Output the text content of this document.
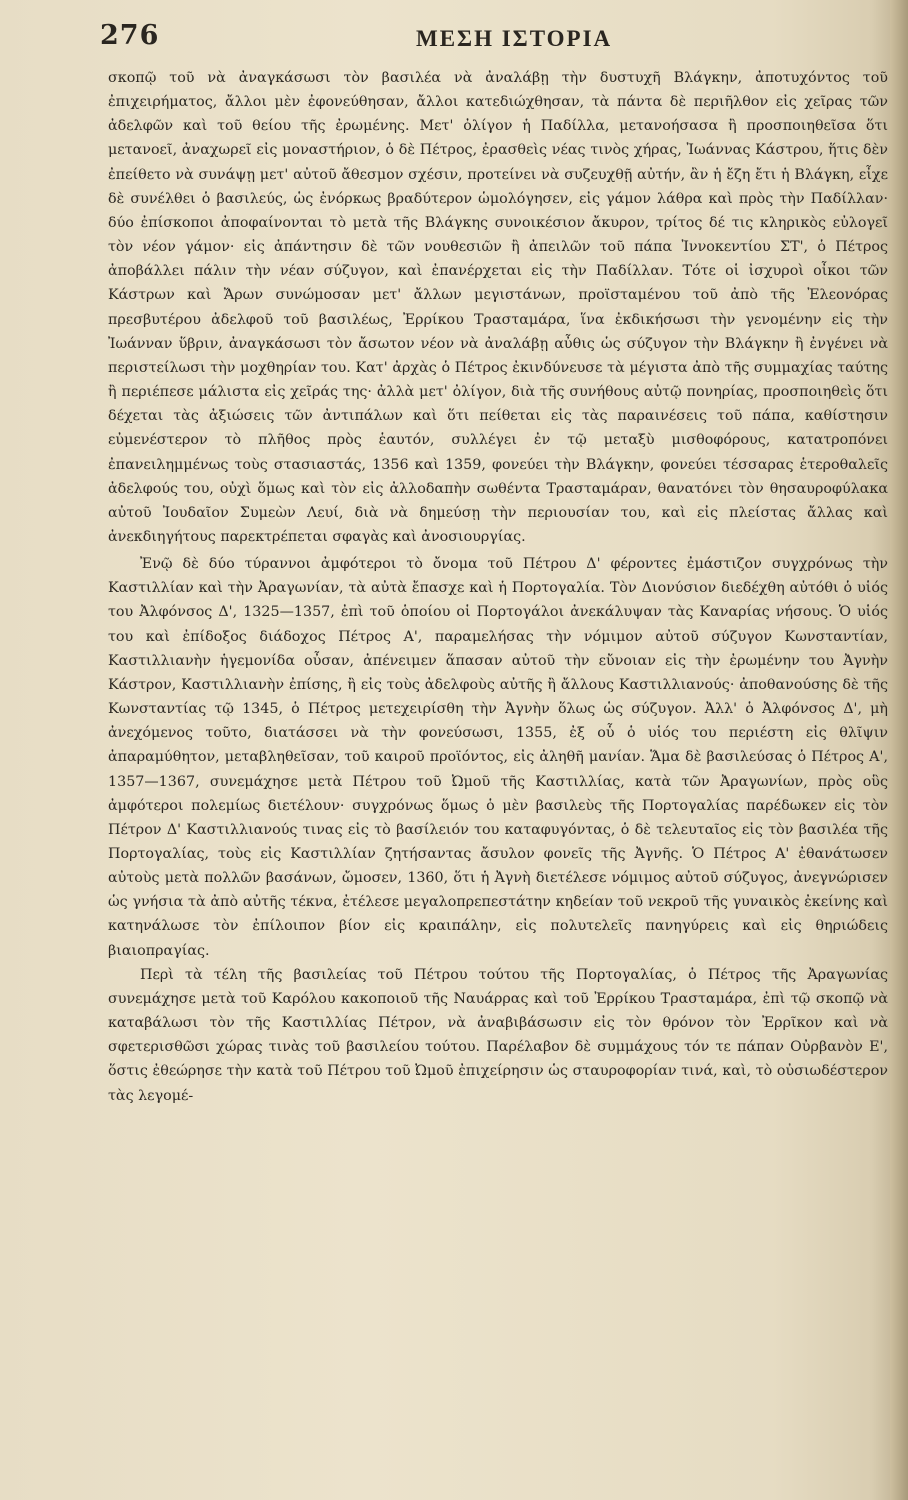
276	ΜΕΣΗ ΙΣΤΟΡΙΑ

σκοπῷ τοῦ νὰ ἀναγκάσωσι τὸν βασιλέα νὰ ἀναλάβῃ τὴν δυστυχῆ Βλάγκην, ἀποτυχόντος τοῦ ἐπιχειρήματος, ἄλλοι μὲν ἐφονεύθησαν, ἄλλοι κατεδιώχθησαν, τὰ πάντα δὲ περιῆλθον εἰς χεῖρας τῶν ἀδελφῶν καὶ τοῦ θείου τῆς ἐρωμένης. Μετ' ὀλίγον ἡ Παδίλλα, μετανοήσασα ἢ προσποιηθεῖσα ὅτι μετανοεῖ, ἀναχωρεῖ εἰς μοναστήριον, ὁ δὲ Πέτρος, ἐρασθεὶς νέας τινὸς χήρας, Ἰωάννας Κάστρου, ἥτις δὲν ἐπείθετο νὰ συνάψῃ μετ' αὐτοῦ ἄθεσμον σχέσιν, προτείνει νὰ συζευχθῇ αὐτήν, ἂν ἡ ἔζη ἔτι ἡ Βλάγκη, εἶχε δὲ συνέλθει ὁ βασιλεύς, ὡς ἐνόρκως βραδύτερον ὡμολόγησεν, εἰς γάμον λάθρα καὶ πρὸς τὴν Παδίλλαν· δύο ἐπίσκοποι ἀποφαίνονται τὸ μετὰ τῆς Βλάγκης συνοικέσιον ἄκυρον, τρίτος δέ τις κληρικὸς εὐλογεῖ τὸν νέον γάμον· εἰς ἀπάντησιν δὲ τῶν νουθεσιῶν ἢ ἀπειλῶν τοῦ πάπα Ἰννοκεντίου ΣΤ', ὁ Πέτρος ἀποβάλλει πάλιν τὴν νέαν σύζυγον, καὶ ἐπανέρχεται εἰς τὴν Παδίλλαν. Τότε οἱ ἰσχυροὶ οἶκοι τῶν Κάστρων καὶ Ἄρων συνώμοσαν μετ' ἄλλων μεγιστάνων, προϊσταμένου τοῦ ἀπὸ τῆς Ἐλεονόρας πρεσβυτέρου ἀδελφοῦ τοῦ βασιλέως, Ἐρρίκου Τρασταμάρα, ἵνα ἐκδικήσωσι τὴν γενομένην εἰς τὴν Ἰωάνναν ὕβριν, ἀναγκάσωσι τὸν ἄσωτον νέον νὰ ἀναλάβῃ αὖθις ὡς σύζυγον τὴν Βλάγκην ἢ ἐνγένει νὰ περιστείλωσι τὴν μοχθηρίαν του. Κατ' ἀρχὰς ὁ Πέτρος ἐκινδύνευσε τὰ μέγιστα ἀπὸ τῆς συμμαχίας ταύτης ἢ περιέπεσε μάλιστα εἰς χεῖράς της· ἀλλὰ μετ' ὀλίγον, διὰ τῆς συνήθους αὐτῷ πονηρίας, προσποιηθεὶς ὅτι δέχεται τὰς ἀξιώσεις τῶν ἀντιπάλων καὶ ὅτι πείθεται εἰς τὰς παραινέσεις τοῦ πάπα, καθίστησιν εὐμενέστερον τὸ πλῆθος πρὸς ἑαυτόν, συλλέγει ἐν τῷ μεταξὺ μισθοφόρους, κατατροπόνει ἐπανειλημμένως τοὺς στασιαστάς, 1356 καὶ 1359, φονεύει τὴν Βλάγκην, φονεύει τέσσαρας ἑτεροθαλεῖς ἀδελφούς του, οὐχὶ ὅμως καὶ τὸν εἰς ἀλλοδαπὴν σωθέντα Τρασταμάραν, θανατόνει τὸν θησαυροφύλακα αὐτοῦ Ἰουδαῖον Συμεὼν Λευί, διὰ νὰ δημεύσῃ τὴν περιουσίαν του, καὶ εἰς πλείστας ἄλλας καὶ ἀνεκδιηγήτους παρεκτρέπεται σφαγὰς καὶ ἀνοσιουργίας.

Ἐνῷ δὲ δύο τύραννοι ἀμφότεροι τὸ ὄνομα τοῦ Πέτρου Δ' φέροντες ἐμάστιζον συγχρόνως τὴν Καστιλλίαν καὶ τὴν Ἀραγωνίαν, τὰ αὐτὰ ἔπασχε καὶ ἡ Πορτογαλία. Τὸν Διονύσιον διεδέχθη αὐτόθι ὁ υἱός του Ἀλφόνσος Δ', 1325—1357, ἐπὶ τοῦ ὁποίου οἱ Πορτογάλοι ἀνεκάλυψαν τὰς Καναρίας νήσους. Ὁ υἱός του καὶ ἐπίδοξος διάδοχος Πέτρος Α', παραμελήσας τὴν νόμιμον αὐτοῦ σύζυγον Κωνσταντίαν, Καστιλλιανὴν ἡγεμονίδα οὖσαν, ἀπένειμεν ἅπασαν αὐτοῦ τὴν εὔνοιαν εἰς τὴν ἐρωμένην του Ἀγνὴν Κάστρον, Καστιλλιανὴν ἐπίσης, ἢ εἰς τοὺς ἀδελφοὺς αὐτῆς ἢ ἄλλους Καστιλλιανούς· ἀποθανούσης δὲ τῆς Κωνσταντίας τῷ 1345, ὁ Πέτρος μετεχειρίσθη τὴν Ἀγνὴν ὅλως ὡς σύζυγον. Ἀλλ' ὁ Ἀλφόνσος Δ', μὴ ἀνεχόμενος τοῦτο, διατάσσει νὰ τὴν φονεύσωσι, 1355, ἐξ οὗ ὁ υἱός του περιέστη εἰς θλῖψιν ἀπαραμύθητον, μεταβληθεῖσαν, τοῦ καιροῦ προϊόντος, εἰς ἀληθῆ μανίαν. Ἅμα δὲ βασιλεύσας ὁ Πέτρος Α', 1357—1367, συνεμάχησε μετὰ Πέτρου τοῦ Ὠμοῦ τῆς Καστιλλίας, κατὰ τῶν Ἀραγωνίων, πρὸς οὓς ἀμφότεροι πολεμίως διετέλουν· συγχρόνως ὅμως ὁ μὲν βασιλεὺς τῆς Πορτογαλίας παρέδωκεν εἰς τὸν Πέτρον Δ' Καστιλλιανούς τινας εἰς τὸ βασίλειόν του καταφυγόντας, ὁ δὲ τελευταῖος εἰς τὸν βασιλέα τῆς Πορτογαλίας, τοὺς εἰς Καστιλλίαν ζητήσαντας ἄσυλον φονεῖς τῆς Ἀγνῆς. Ὁ Πέτρος Α' ἐθανάτωσεν αὐτοὺς μετὰ πολλῶν βασάνων, ὤμοσεν, 1360, ὅτι ἡ Ἀγνὴ διετέλεσε νόμιμος αὐτοῦ σύζυγος, ἀνεγνώρισεν ὡς γνήσια τὰ ἀπὸ αὐτῆς τέκνα, ἐτέλεσε μεγαλοπρεπεστάτην κηδείαν τοῦ νεκροῦ τῆς γυναικὸς ἐκείνης καὶ κατηνάλωσε τὸν ἐπίλοιπον βίον εἰς κραιπάλην, εἰς πολυτελεῖς πανηγύρεις καὶ εἰς θηριώδεις βιαιοπραγίας.

Περὶ τὰ τέλη τῆς βασιλείας τοῦ Πέτρου τούτου τῆς Πορτογαλίας, ὁ Πέτρος τῆς Ἀραγωνίας συνεμάχησε μετὰ τοῦ Καρόλου κακοποιοῦ τῆς Ναυάρρας καὶ τοῦ Ἐρρίκου Τρασταμάρα, ἐπὶ τῷ σκοπῷ νὰ καταβάλωσι τὸν τῆς Καστιλλίας Πέτρον, νὰ ἀναβιβάσωσιν εἰς τὸν θρόνον τὸν Ἐρρῖκον καὶ νὰ σφετερισθῶσι χώρας τινὰς τοῦ βασιλείου τούτου. Παρέλαβον δὲ συμμάχους τόν τε πάπαν Οὐρβανὸν Ε', ὅστις ἐθεώρησε τὴν κατὰ τοῦ Πέτρου τοῦ Ὠμοῦ ἐπιχείρησιν ὡς σταυροφορίαν τινά, καὶ, τὸ οὐσιωδέστερον τὰς λεγομέ-
